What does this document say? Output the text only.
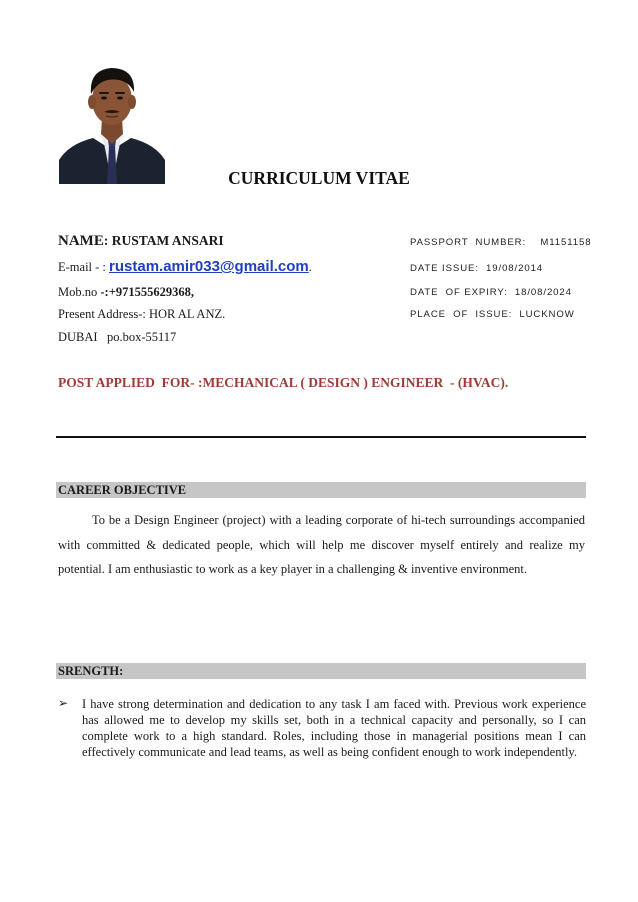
CURRICULUM VITAE
NAME: RUSTAM ANSARI
E-mail - : rustam.amir033@gmail.com.
Mob.no -:+971555629368,
Present Address-: HOR AL ANZ.
DUBAI   po.box-55117
PASSPORT  NUMBER:    M1151158
DATE ISSUE:  19/08/2014
DATE  OF EXPIRY:  18/08/2024
PLACE  OF  ISSUE:  LUCKNOW
POST APPLIED  FOR- :MECHANICAL ( DESIGN ) ENGINEER  - (HVAC).
CAREER OBJECTIVE
To be a Design Engineer (project) with a leading corporate of hi-tech surroundings accompanied with committed & dedicated people, which will help me discover myself entirely and realize my potential. I am enthusiastic to work as a key player in a challenging & inventive environment.
SRENGTH:
➢ I have strong determination and dedication to any task I am faced with. Previous work experience has allowed me to develop my skills set, both in a technical capacity and personally, so I can complete work to a high standard. Roles, including those in managerial positions mean I can effectively communicate and lead teams, as well as being confident enough to work independently.
